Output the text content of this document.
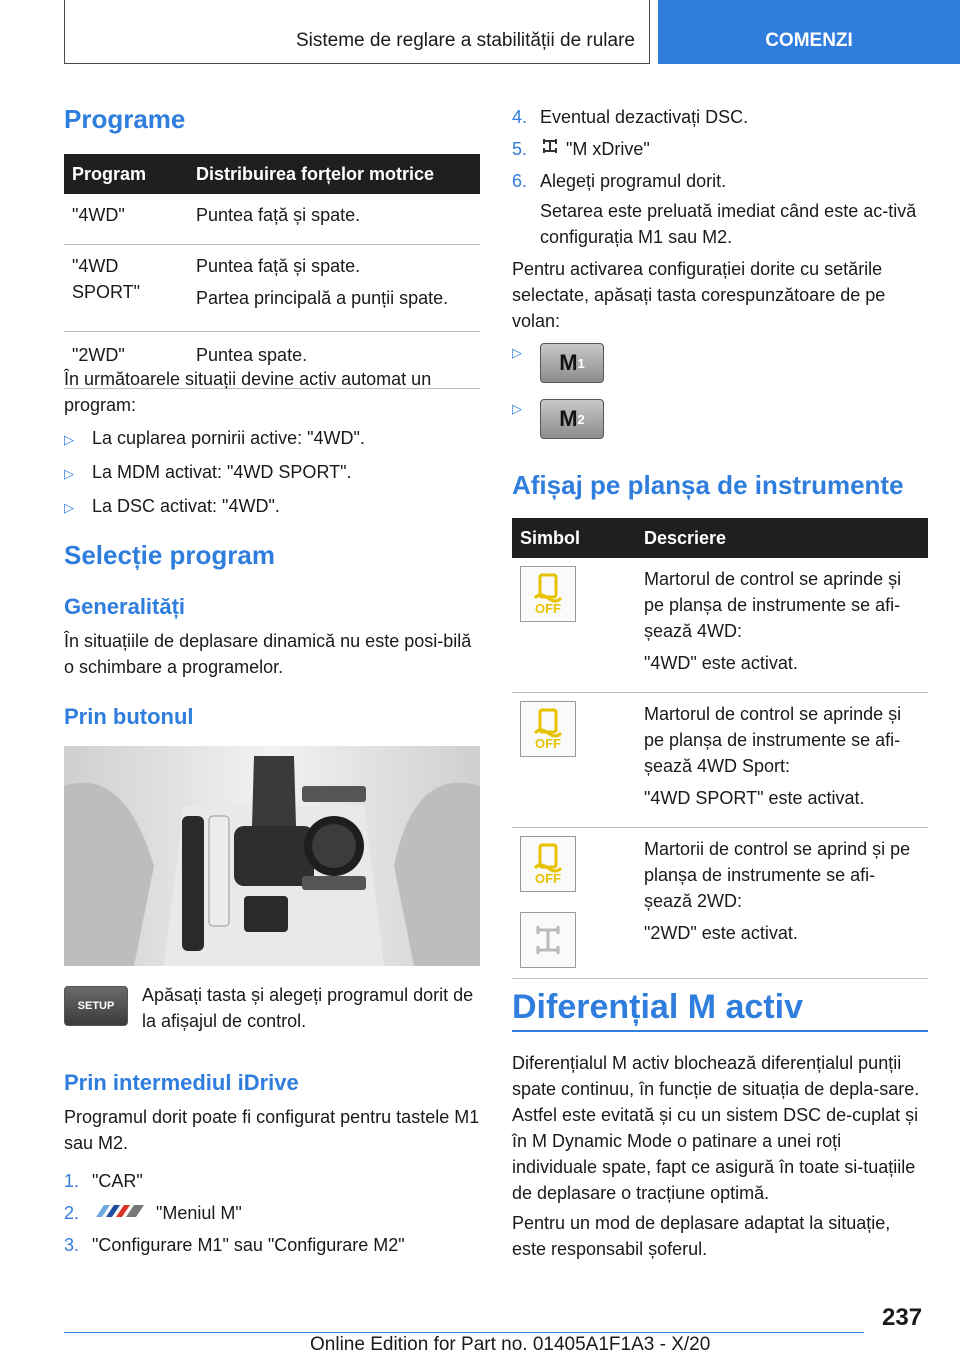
Sisteme de reglare a stabilității de rulare	COMENZI
Programe
Program	Distribuirea forțelor motrice
"4WD"	Puntea față și spate.

"4WD SPORT"	Puntea față și spate.

Partea principală a punții spate.

"2WD"	Puntea spate.

În următoarele situații devine activ automat un program:
▷	La cuplarea pornirii active: "4WD".
▷	La MDM activat: "4WD SPORT".
▷	La DSC activat: "4WD".
Selecție program
Generalități
În situațiile de deplasare dinamică nu este posi-bilă o schimbare a programelor.
Prin butonul
SETUP
Apăsați tasta și alegeți programul dorit de la afișajul de control.
Prin intermediul iDrive
Programul dorit poate fi configurat pentru tastele M1 sau M2.
1. "CAR"
2.	"Meniul M"
3. "Configurare M1" sau "Configurare M2"
4. Eventual dezactivați DSC.
5.	"M xDrive"
6. Alegeți programul dorit.
Setarea este preluată imediat când este ac-tivă configurația M1 sau M2.
Pentru activarea configurației dorite cu setările selectate, apăsați tasta corespunzătoare de pe volan:
▷	M 1
▷	M 2
Afișaj pe planșa de instrumente
Simbol	Descriere

OFF	Martorul de control se aprinde și pe planșa de instrumente se afi-șează 4WD:

"4WD" este activat.

OFF	Martorul de control se aprinde și pe planșa de instrumente se afi-șează 4WD Sport:

"4WD SPORT" este activat.

OFF	Martorii de control se aprind și pe planșa de instrumente se afi-șează 2WD:

"2WD" este activat.

Diferențial M activ
Diferențialul M activ blochează diferențialul punții spate continuu, în funcție de situația de depla-sare. Astfel este evitată și cu un sistem DSC de-cuplat și în M Dynamic Mode o patinare a unei roți individuale spate, fapt ce asigură în toate si-tuațiile de deplasare o tracțiune optimă.
Pentru un mod de deplasare adaptat la situație, este responsabil șoferul.
237
Online Edition for Part no. 01405A1F1A3 - X/20
